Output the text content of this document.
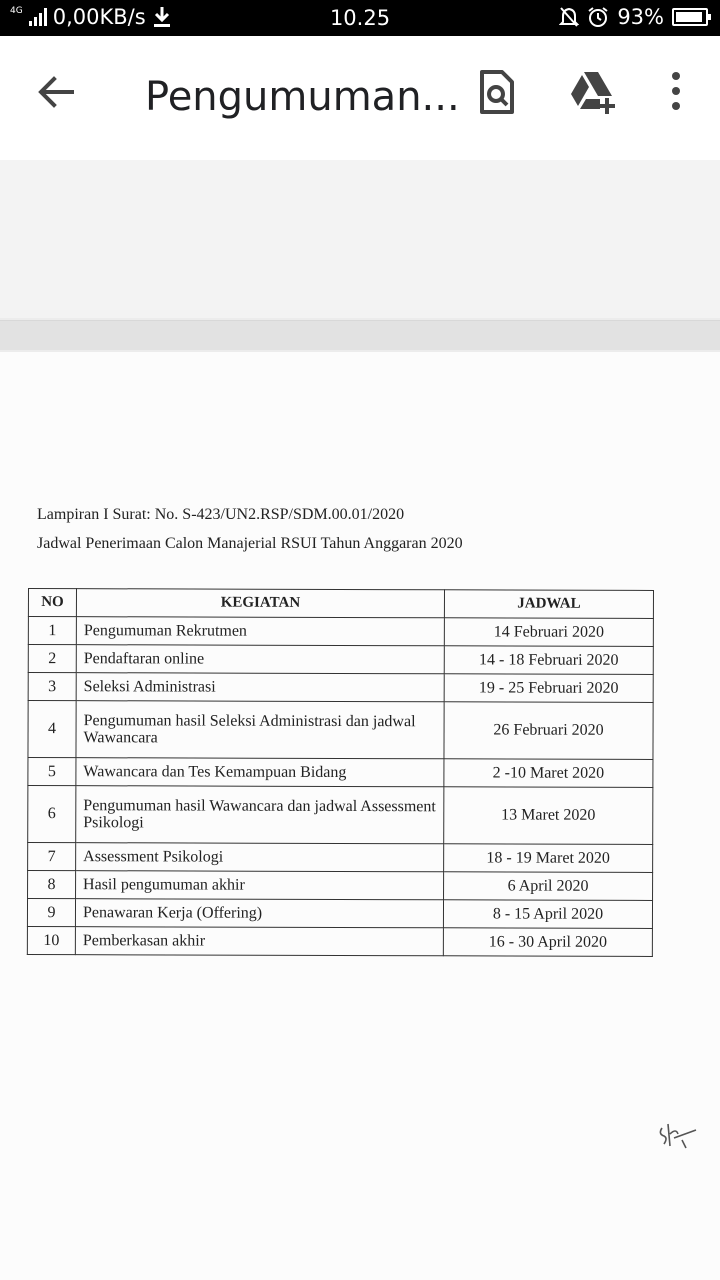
4G 0,00KB/s	10.25	93%
Pengumuman...
Lampiran I Surat: No. S-423/UN2.RSP/SDM.00.01/2020
Jadwal Penerimaan Calon Manajerial RSUI Tahun Anggaran 2020
NO	KEGIATAN	JADWAL
1	Pengumuman Rekrutmen	14 Februari 2020
2	Pendaftaran online	14 - 18 Februari 2020
3	Seleksi Administrasi	19 - 25 Februari 2020
4	Pengumuman hasil Seleksi Administrasi dan jadwal Wawancara	26 Februari 2020
5	Wawancara dan Tes Kemampuan Bidang	2 -10 Maret 2020
6	Pengumuman hasil Wawancara dan jadwal Assessment Psikologi	13 Maret 2020
7	Assessment Psikologi	18 - 19 Maret 2020
8	Hasil pengumuman akhir	6 April 2020
9	Penawaran Kerja (Offering)	8 - 15 April 2020
10	Pemberkasan akhir	16 - 30 April 2020
